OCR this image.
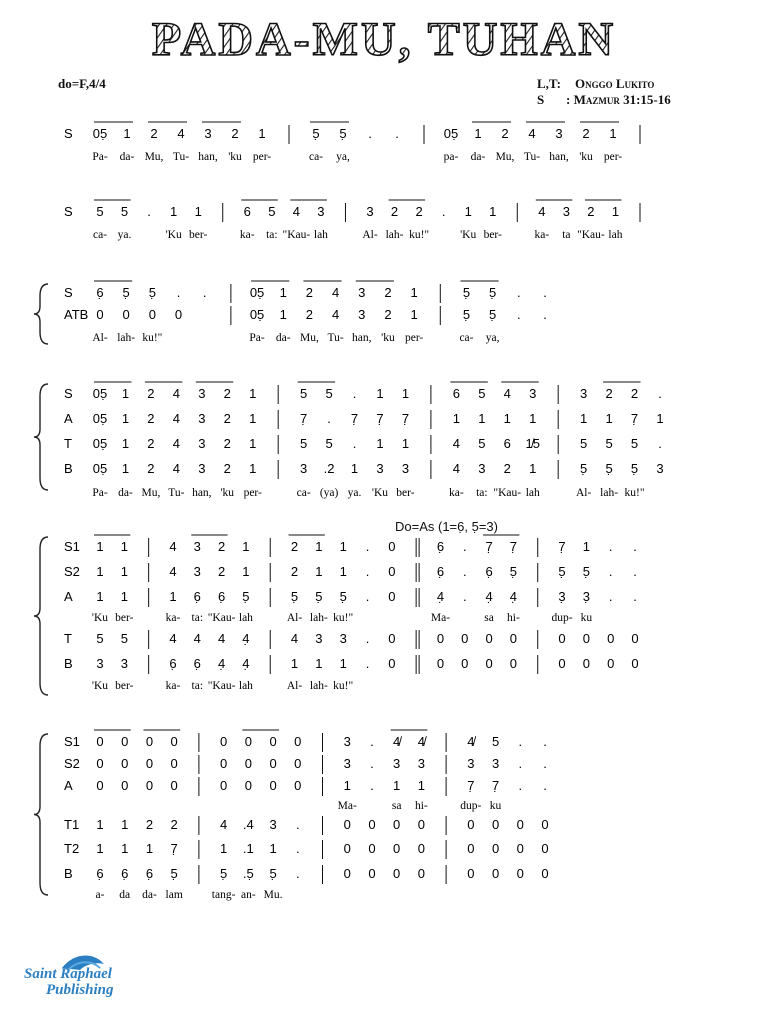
PADA-MU, TUHAN
do=F,4/4	L,T: Onggo Lukito
S : Mazmur 31:15-16
Do=As (1=6̣, 5̣=3)
S 05̣ 1 2 4 3 2 1	5̣ 5̣ . .	05̣ 1 2 4 3 2 1
Pa- da- Mu, Tu- han, 'ku per-	ca- ya,	pa- da- Mu, Tu- han, 'ku per-
S 5 5 . 1 1	6 5 4 3	3 2 2 . 1 1	4 3 2 1
ca- ya.	'Ku ber-	ka- ta: "Kau- lah	Al- lah- ku!"	'Ku ber-	ka- ta "Kau- lah
S 6̣ 5̣ 5̣ . .	05̣ 1 2 4 3 2 1	5̣ 5̣ . .
ATB 0 0 0 0	05̣ 1 2 4 3 2 1	5̣ 5̣ . .
Al- lah- ku!"	Pa- da- Mu, Tu- han, 'ku per-	ca- ya,
S 05̣ 1 2 4 3 2 1	5 5 . 1 1	6 5 4 3	3 2 2 .
A 05̣ 1 2 4 3 2 1	7̣ . 7̣ 7̣ 7̣	1 1 1 1	1 1 7̣ 1
T 05̣ 1 2 4 3 2 1	5 5 . 1 1	4 5 6 1̸5	5 5 5 .
B 05̣ 1 2 4 3 2 1	3 .2 1 3 3	4 3 2 1	5̣ 5̣ 5̣ 3
Pa- da- Mu, Tu- han, 'ku per-	ca- (ya) ya. 'Ku ber-	ka- ta: "Kau- lah	Al- lah- ku!"
S1 1 1	4 3 2 1	2 1 1 . 0	6̣ . 7̣ 7̣	7̣ 1 . .
S2 1 1	4 3 2 1	2 1 1 . 0	6̣ . 6̣ 5̣	5̣ 5̣ . .
A 1 1	1 6̣ 6̣ 5̣	5̣ 5̣ 5̣ . 0	4̣ . 4̣ 4̣	3̣ 3̣ . .
'Ku ber-	ka- ta: "Kau- lah	Al- lah- ku!"	Ma-	sa hi-	dup- ku
T 5 5	4 4 4 4̣	4 3 3 . 0	0 0 0 0	0 0 0 0
B 3 3	6̣ 6̣ 4̣ 4̣	1 1 1 . 0	0 0 0 0	0 0 0 0
'Ku ber-	ka- ta: "Kau- lah	Al- lah- ku!"
S1 0 0 0 0	0 0 0 0	3 . 4̸ 4̸	4̸ 5 . .
S2 0 0 0 0	0 0 0 0	3 . 3 3	3 3 . .
A 0 0 0 0	0 0 0 0	1 . 1 1	7̣ 7̣ . .
Ma-	sa hi-	dup- ku
T1 1 1 2 2	4 .4 3 .	0 0 0 0	0 0 0 0
T2 1 1 1 7̣	1 .1 1 .	0 0 0 0	0 0 0 0
B 6̣ 6̣ 6̣ 5̣	5̣ .5̣ 5̣ .	0 0 0 0	0 0 0 0
a- da da- lam	tang- an- Mu.
Saint Raphael
Publishing
